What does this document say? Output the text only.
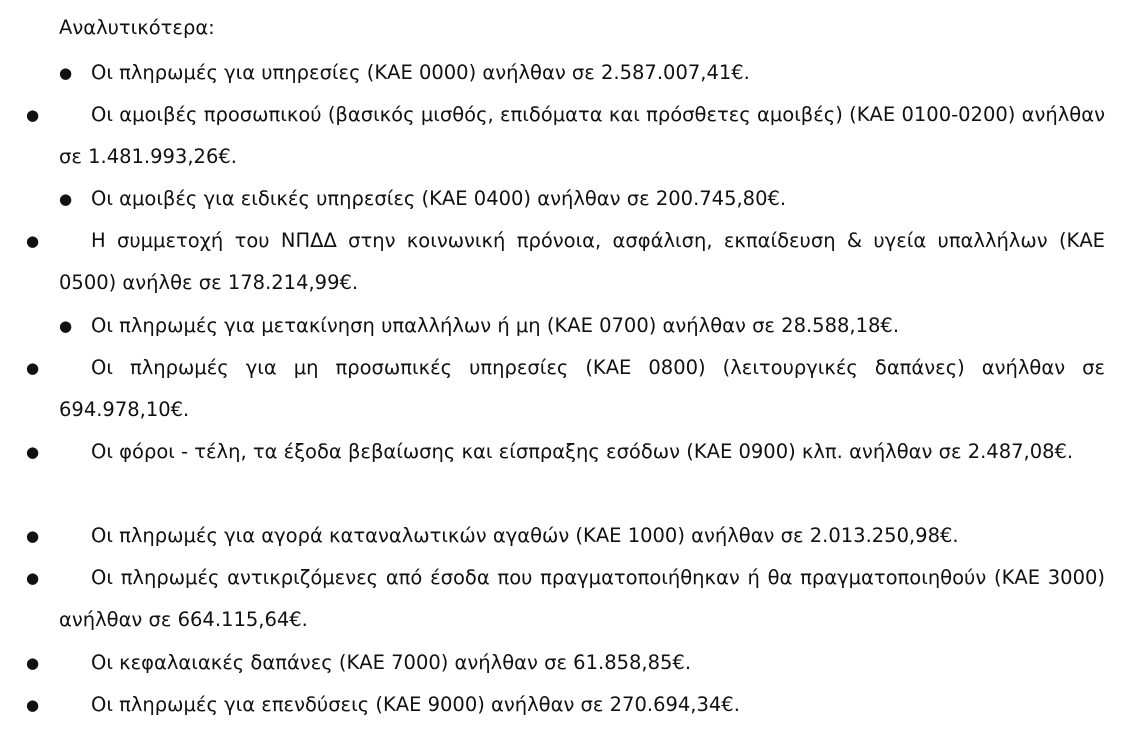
Αναλυτικότερα:
● Οι πληρωμές για υπηρεσίες (ΚΑΕ 0000) ανήλθαν σε 2.587.007,41€.
●	Οι αμοιβές προσωπικού (βασικός μισθός, επιδόματα και πρόσθετες αμοιβές) (ΚΑΕ 0100-0200) ανήλθαν σε 1.481.993,26€.
● Οι αμοιβές για ειδικές υπηρεσίες (ΚΑΕ 0400) ανήλθαν σε 200.745,80€.
●	Η συμμετοχή του ΝΠΔΔ στην κοινωνική πρόνοια, ασφάλιση, εκπαίδευση & υγεία υπαλλήλων (ΚΑΕ 0500) ανήλθε σε 178.214,99€.
● Οι πληρωμές για μετακίνηση υπαλλήλων ή μη (ΚΑΕ 0700) ανήλθαν σε 28.588,18€.
●	Οι πληρωμές για μη προσωπικές υπηρεσίες (ΚΑΕ 0800) (λειτουργικές δαπάνες) ανήλθαν σε 694.978,10€.
●	Οι φόροι - τέλη, τα έξοδα βεβαίωσης και είσπραξης εσόδων (ΚΑΕ 0900) κλπ. ανήλθαν σε 2.487,08€.
●	Οι πληρωμές για αγορά καταναλωτικών αγαθών (ΚΑΕ 1000) ανήλθαν σε 2.013.250,98€.
●	Οι πληρωμές αντικριζόμενες από έσοδα που πραγματοποιήθηκαν ή θα πραγματοποιηθούν (ΚΑΕ 3000) ανήλθαν σε 664.115,64€.
●	Οι κεφαλαιακές δαπάνες (ΚΑΕ 7000) ανήλθαν σε 61.858,85€.
●	Οι πληρωμές για επενδύσεις (ΚΑΕ 9000) ανήλθαν σε 270.694,34€.
